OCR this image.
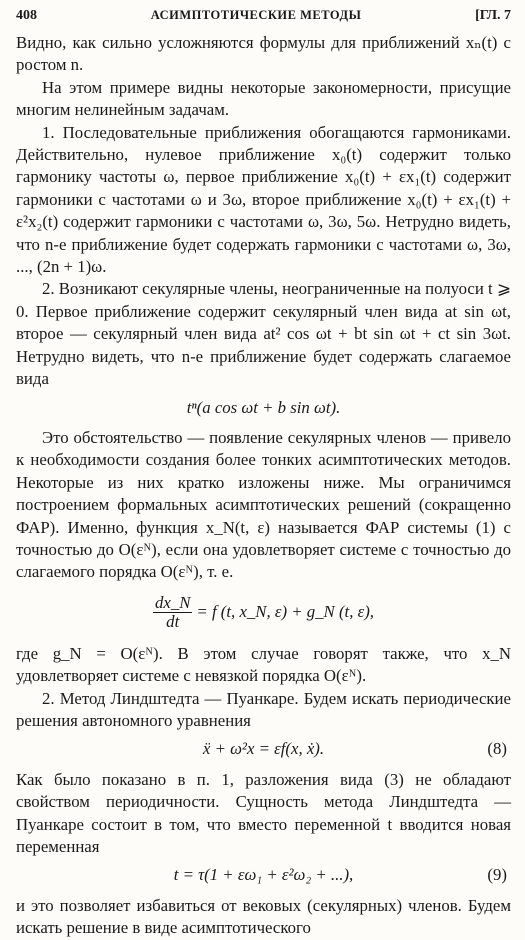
408	АСИМПТОТИЧЕСКИЕ МЕТОДЫ	[ГЛ. 7

Видно, как сильно усложняются формулы для приближений xₙ(t) с ростом n.

На этом примере видны некоторые закономерности, присущие многим нелинейным задачам.

1. Последовательные приближения обогащаются гармониками. Действительно, нулевое приближение x₀(t) содержит только гармонику частоты ω, первое приближение x₀(t) + εx₁(t) содержит гармоники с частотами ω и 3ω, второе приближение x₀(t) + εx₁(t) + ε²x₂(t) содержит гармоники с частотами ω, 3ω, 5ω. Нетрудно видеть, что n-е приближение будет содержать гармоники с частотами ω, 3ω, ..., (2n + 1)ω.

2. Возникают секулярные члены, неограниченные на полуоси t ⩾ 0. Первое приближение содержит секулярный член вида at sin ωt, второе — секулярный член вида at² cos ωt + bt sin ωt + ct sin 3ωt. Нетрудно видеть, что n-е приближение будет содержать слагаемое вида

tⁿ(a cos ωt + b sin ωt).

Это обстоятельство — появление секулярных членов — привело к необходимости создания более тонких асимптотических методов. Некоторые из них кратко изложены ниже. Мы ограничимся построением формальных асимптотических решений (сокращенно ФАР). Именно, функция x_N(t, ε) называется ФАР системы (1) с точностью до O(εᴺ), если она удовлетворяет системе с точностью до слагаемого порядка O(εᴺ), т. е.

$\frac{dx\_N}{dt} = f$ (t, x_N, ε) + g_N (t, ε),

где g_N = O(εᴺ). В этом случае говорят также, что x_N удовлетворяет системе с невязкой порядка O(εᴺ).

2. Метод Линдштедта — Пуанкаре. Будем искать периодические решения автономного уравнения

ẍ + ω²x = εf(x, ẋ).	(8)

Как было показано в п. 1, разложения вида (3) не обладают свойством периодичности. Сущность метода Линдштедта — Пуанкаре состоит в том, что вместо переменной t вводится новая переменная

t = τ(1 + εω₁ + ε²ω₂ + ...),	(9)

и это позволяет избавиться от вековых (секулярных) членов. Будем искать решение в виде асимптотического
